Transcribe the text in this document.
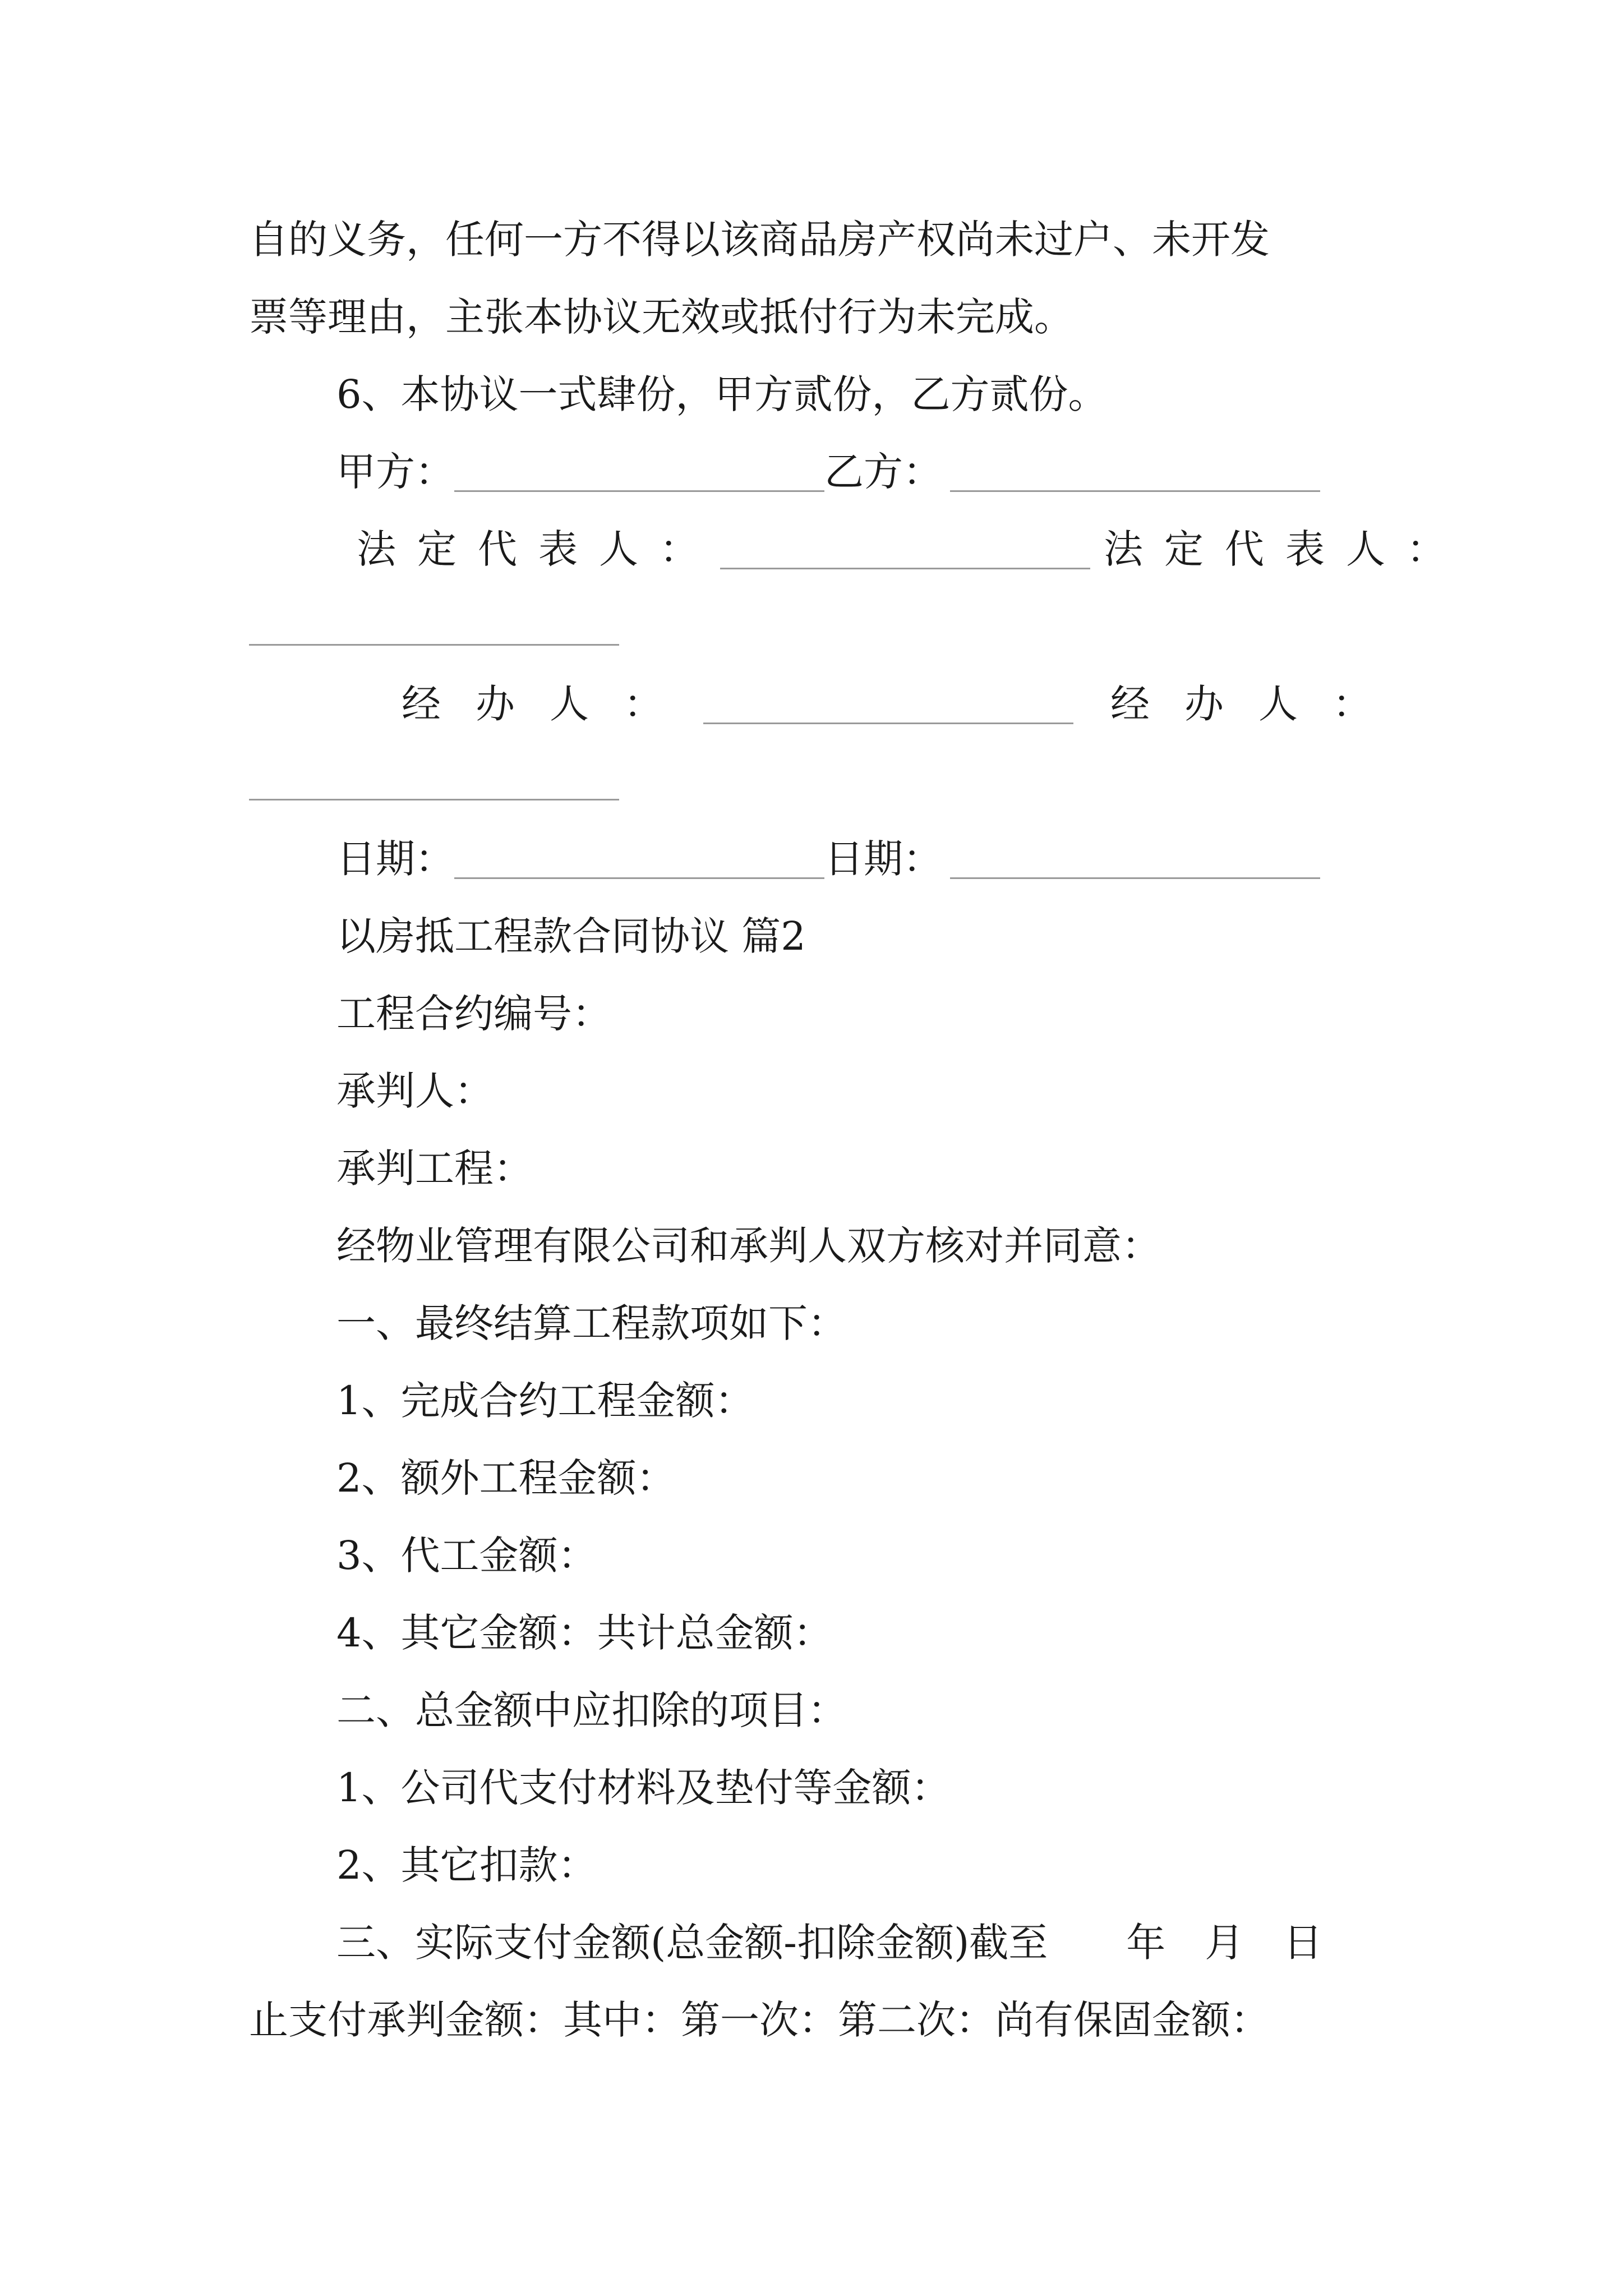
自的义务，任何一方不得以该商品房产权尚未过户、未开发
票等理由，主张本协议无效或抵付行为未完成。
6、本协议一式肆份，甲方贰份，乙方贰份。
甲方：	乙方：
法定代表人：	法定代表人：
经办人：	经办人：
日期：	日期：
以房抵工程款合同协议 篇2
工程合约编号：
承判人：
承判工程：
经物业管理有限公司和承判人双方核对并同意：
一、最终结算工程款项如下：
1、完成合约工程金额：
2、额外工程金额：
3、代工金额：
4、其它金额：共计总金额：
二、总金额中应扣除的项目：
1、公司代支付材料及垫付等金额：
2、其它扣款：
三、实际支付金额(总金额-扣除金额)截至　　年　月　日
止支付承判金额：其中：第一次：第二次：尚有保固金额：
